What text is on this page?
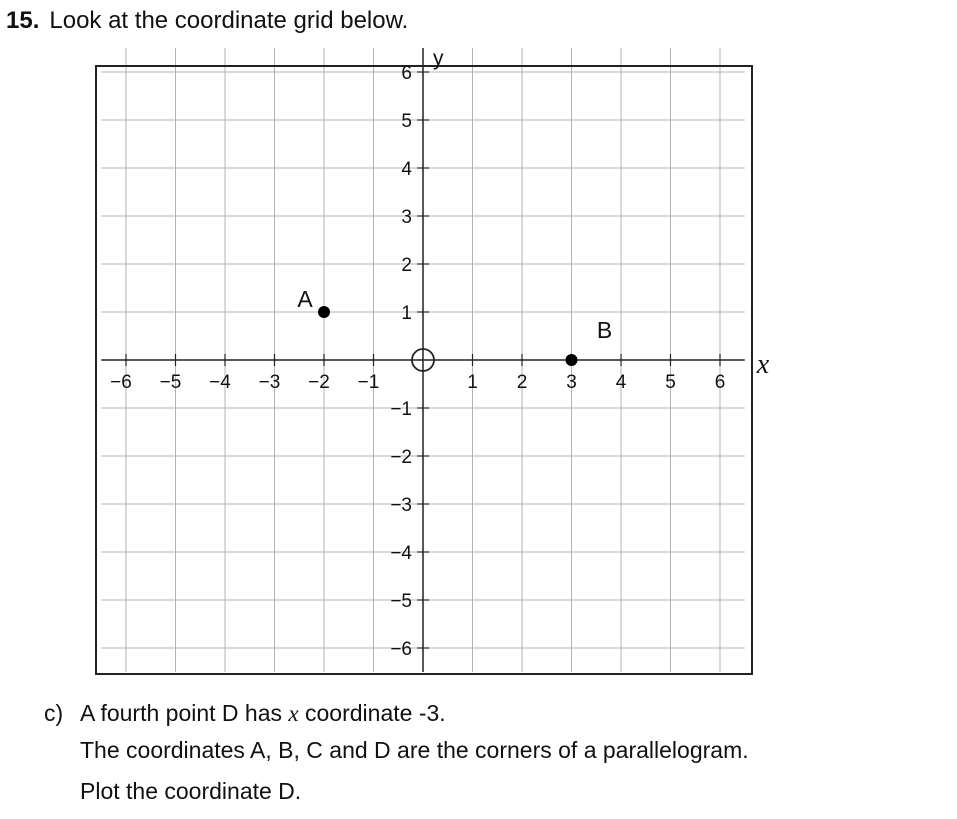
15. Look at the coordinate grid below.
−6 −5 −4 −3 −2 −1	1 2 3 4 5 6
6
5
4
3
2
1
−1
−2
−3
−4
−5
−6
x
y
A
B
c) A fourth point D has x coordinate -3.
The coordinates A, B, C and D are the corners of a parallelogram.
Plot the coordinate D.
